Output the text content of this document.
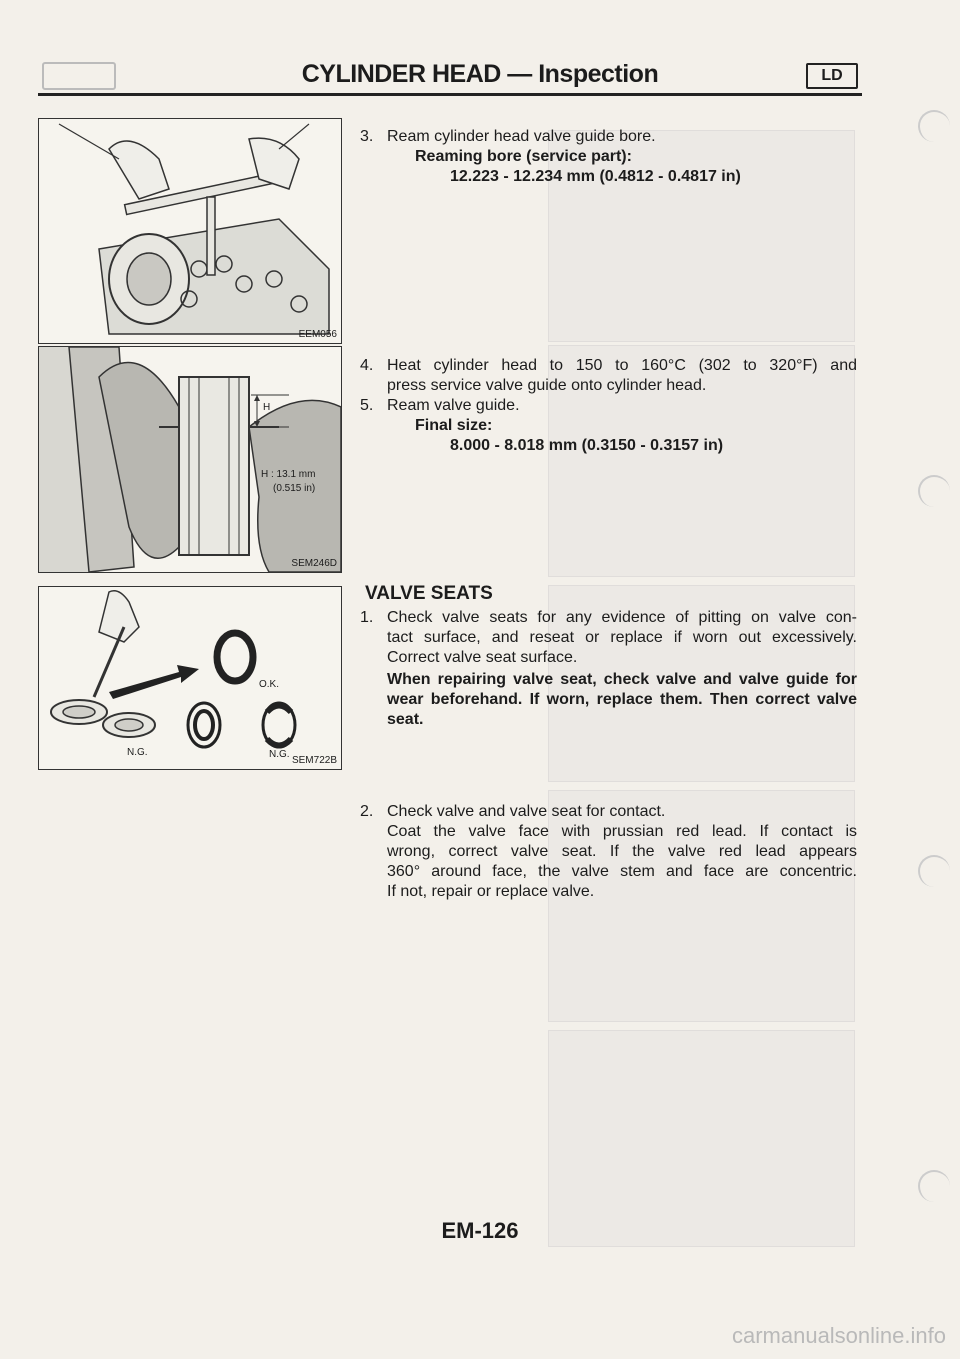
CYLINDER HEAD — Inspection	LD
EEM056
H
H : 13.1 mm
(0.515 in)
SEM246D
O.K.
N.G.	N.G.
SEM722B
3. Ream cylinder head valve guide bore.
Reaming bore (service part):
12.223 - 12.234 mm (0.4812 - 0.4817 in)
4. Heat cylinder head to 150 to 160°C (302 to 320°F) and
press service valve guide onto cylinder head.
5. Ream valve guide.
Final size:
8.000 - 8.018 mm (0.3150 - 0.3157 in)
VALVE SEATS
1. Check valve seats for any evidence of pitting on valve con-
tact surface, and reseat or replace if worn out excessively.
Correct valve seat surface.
When repairing valve seat, check valve and valve guide for
wear beforehand. If worn, replace them. Then correct valve
seat.
2. Check valve and valve seat for contact.
Coat the valve face with prussian red lead. If contact is
wrong, correct valve seat. If the valve red lead appears
360° around face, the valve stem and face are concentric.
If not, repair or replace valve.
EM-126
carmanualsonline.info
